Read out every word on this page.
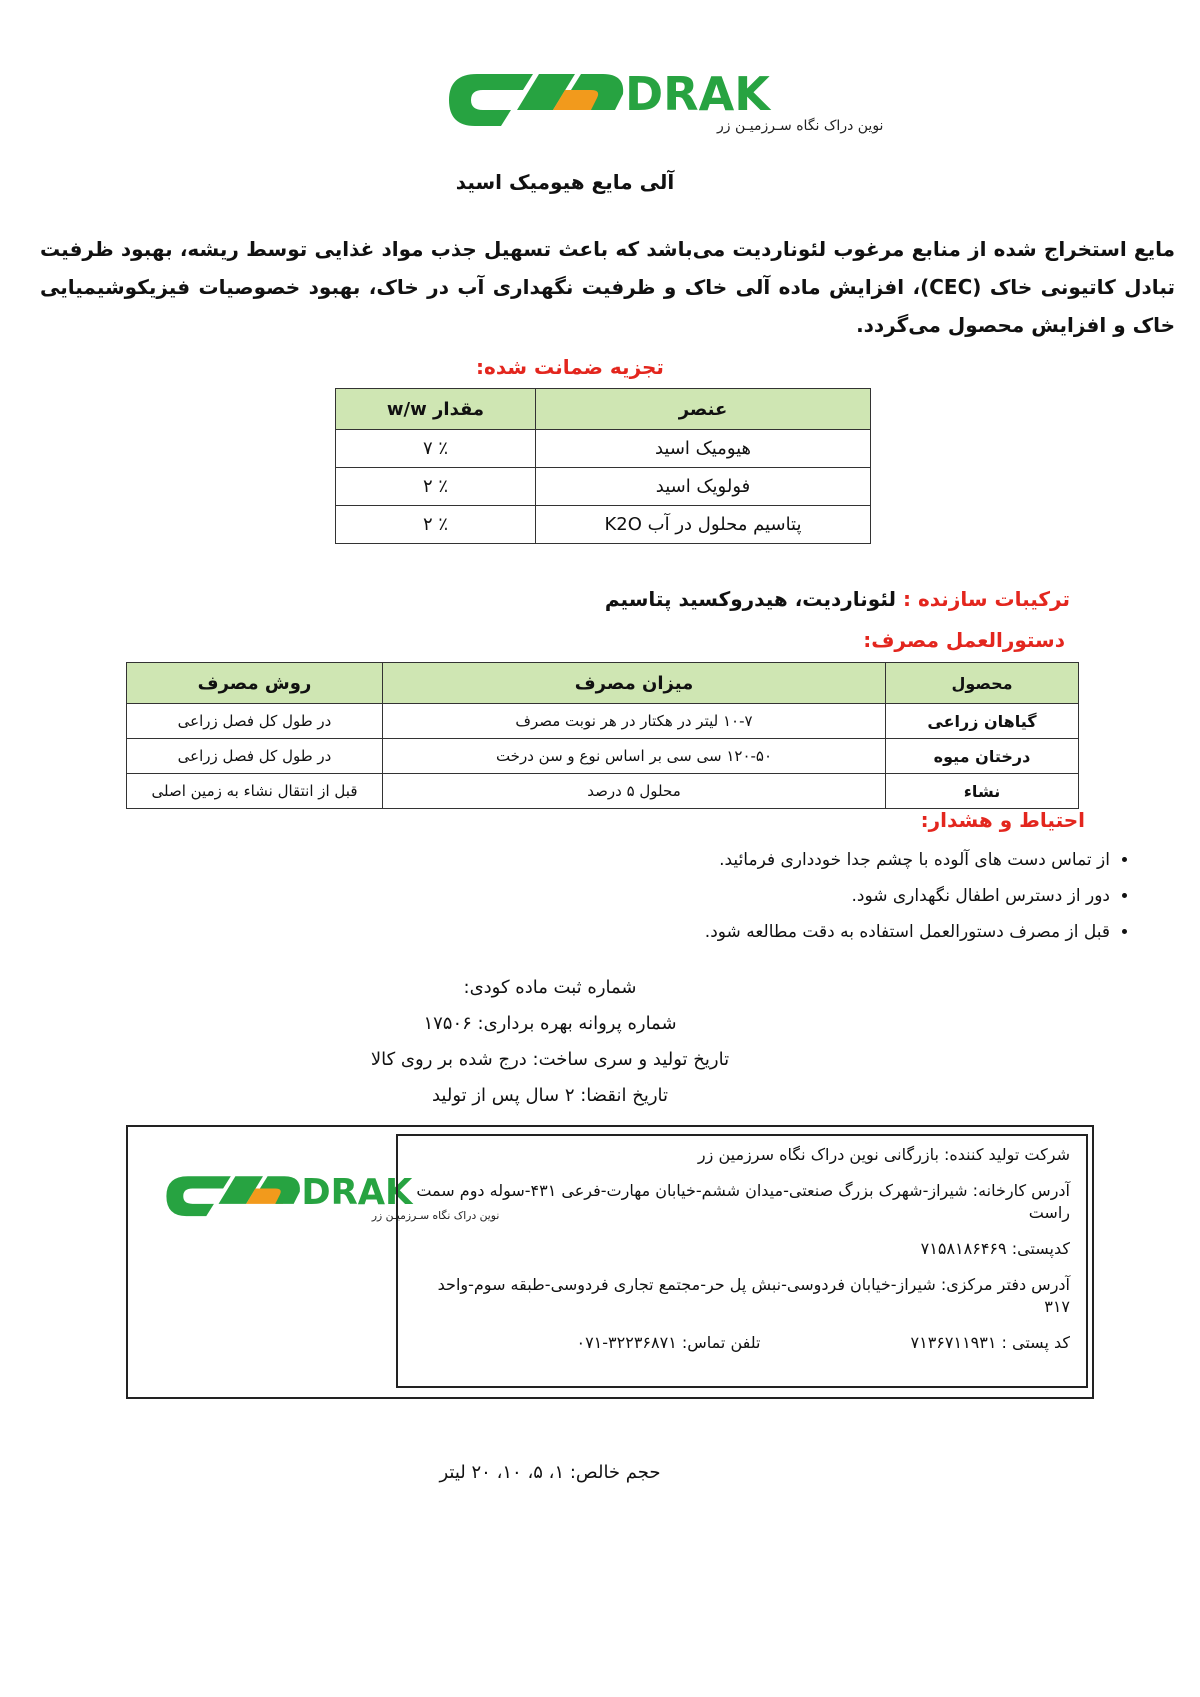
DRAK
نوین دراک نگاه سـرزمیـن زر
آلی مایع هیومیک اسید
مایع استخراج شده از منابع مرغوب لئوناردیت می‌باشد که باعث تسهیل جذب مواد غذایی توسط ریشه، بهبود ظرفیت تبادل کاتیونی خاک (CEC)، افزایش ماده آلی خاک و ظرفیت نگهداری آب در خاک، بهبود خصوصیات فیزیکوشیمیایی خاک و افزایش محصول می‌گردد.
تجزیه ضمانت شده:
عنصر	مقدار w/w
هیومیک اسید	٪ ۷
فولویک اسید	٪ ۲
پتاسیم محلول در آب K2O	٪ ۲
ترکیبات سازنده : لئوناردیت، هیدروکسید پتاسیم
دستورالعمل مصرف:
محصول	میزان مصرف	روش مصرف
گیاهان زراعی	۱۰-۷ لیتر در هکتار در هر نوبت مصرف	در طول کل فصل زراعی
درختان میوه	۱۲۰-۵۰ سی سی بر اساس نوع و سن درخت	در طول کل فصل زراعی
نشاء	محلول ۵ درصد	قبل از انتقال نشاء به زمین اصلی
احتیاط و هشدار:
• از تماس دست های آلوده با چشم جدا خودداری فرمائید.
• دور از دسترس اطفال نگهداری شود.
• قبل از مصرف دستورالعمل استفاده به دقت مطالعه شود.
شماره ثبت ماده کودی:
شماره پروانه بهره برداری: ۱۷۵۰۶
تاریخ تولید و سری ساخت: درج شده بر روی کالا
تاریخ انقضا: ۲ سال پس از تولید
DRAK
نوین دراک نگاه سـرزمیـن زر

شرکت تولید کننده: بازرگانی نوین دراک نگاه سرزمین زر

آدرس کارخانه: شیراز-شهرک بزرگ صنعتی-میدان ششم-خیابان مهارت-فرعی ۴۳۱-سوله دوم سمت راست

کدپستی: ۷۱۵۸۱۸۶۴۶۹

آدرس دفتر مرکزی: شیراز-خیابان فردوسی-نبش پل حر-مجتمع تجاری فردوسی-طبقه سوم-واحد ۳۱۷

کد پستی : ۷۱۳۶۷۱۱۹۳۱
تلفن تماس: ۳۲۲۳۶۸۷۱-۰۷۱
حجم خالص: ۱، ۵، ۱۰، ۲۰ لیتر
